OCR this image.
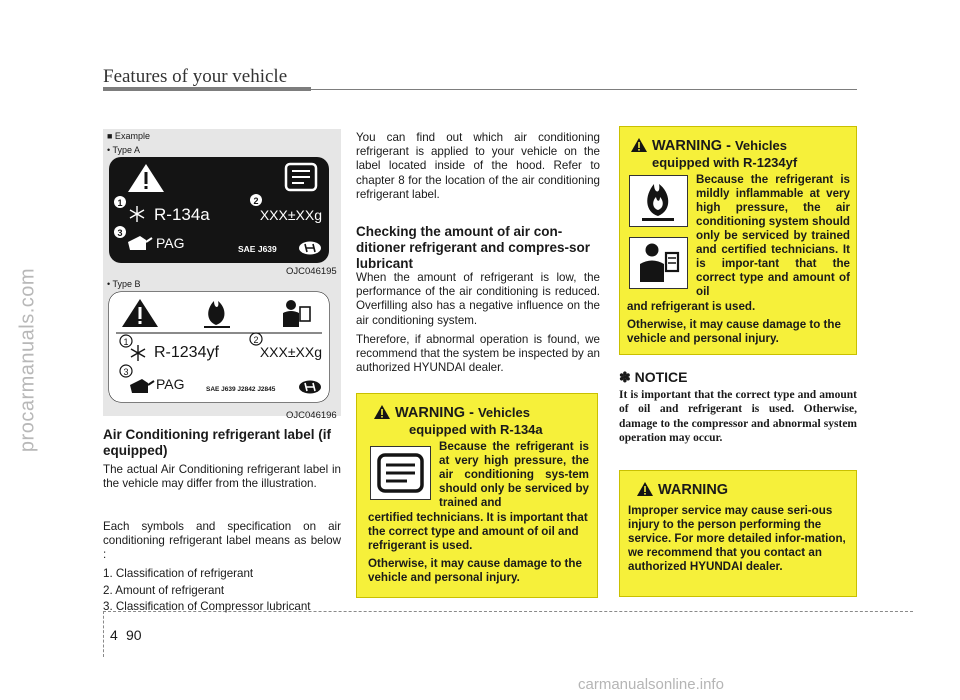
procarmanuals.com
carmanualsonline.info
Features of your vehicle
4 90
■ Example
• Type A
• Type B
OJC046195
OJC046196
1	2
3
R-134a	XXX±XXg
PAG	SAE J639
1	2
3
R-1234yf	XXX±XXg
PAG	SAE J639 J2842 J2845
Air Conditioning refrigerant label (if equipped)

The actual Air Conditioning refrigerant label in the vehicle may differ from the illustration.

Each symbols and specification on air conditioning refrigerant label means as below :

1. Classification of refrigerant
2. Amount of refrigerant
3. Classification of Compressor lubricant

You can find out which air conditioning refrigerant is applied to your vehicle on the label located inside of the hood. Refer to chapter 8 for the location of the air conditioning refrigerant label.

Checking the amount of air con-ditioner refrigerant and compres-sor lubricant

When the amount of refrigerant is low, the performance of the air conditioning is reduced. Overfilling also has a negative influence on the air conditioning system.

Therefore, if abnormal operation is found, we recommend that the system be inspected by an authorized HYUNDAI dealer.

WARNING - Vehicles
equipped with R-134a
Because the refrigerant is at very high pressure, the air conditioning sys-tem should only be serviced by trained and
certified technicians. It is important that the correct type and amount of oil and refrigerant is used.
Otherwise, it may cause damage to the vehicle and personal injury.
WARNING - Vehicles
equipped with R-1234yf
Because the refrigerant is mildly inflammable at very high pressure, the air conditioning system should only be serviced by trained and certified technicians. It is impor-tant that the correct type and amount of oil
and refrigerant is used.
Otherwise, it may cause damage to the vehicle and personal injury.
✽ NOTICE

It is important that the correct type and amount of oil and refrigerant is used. Otherwise, damage to the compressor and abnormal system operation may occur.

WARNING
Improper service may cause seri-ous injury to the person performing the service. For more detailed infor-mation, we recommend that you contact an authorized HYUNDAI dealer.
